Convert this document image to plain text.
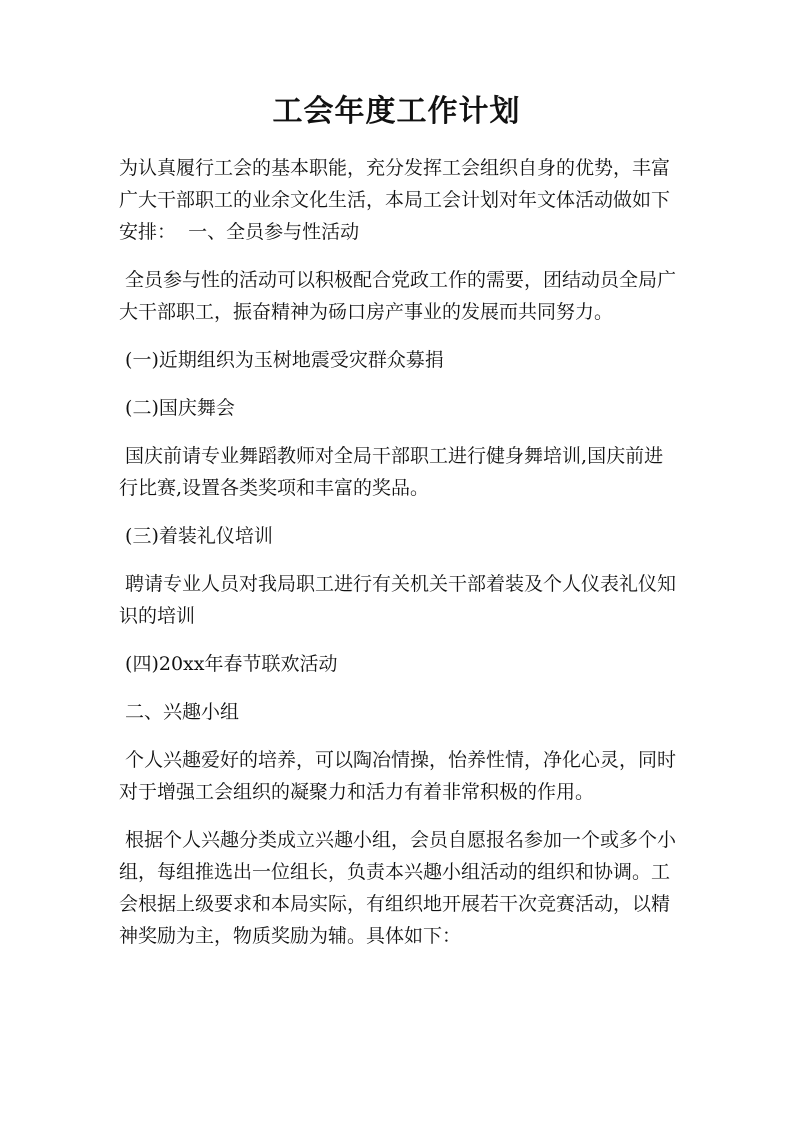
工会年度工作计划

为认真履行工会的基本职能，充分发挥工会组织自身的优势，丰富广大干部职工的业余文化生活，本局工会计划对年文体活动做如下安排：  一、全员参与性活动

全员参与性的活动可以积极配合党政工作的需要，团结动员全局广大干部职工，振奋精神为砀口房产事业的发展而共同努力。

(一)近期组织为玉树地震受灾群众募捐

(二)国庆舞会

国庆前请专业舞蹈教师对全局干部职工进行健身舞培训,国庆前进行比赛,设置各类奖项和丰富的奖品。

(三)着装礼仪培训

聘请专业人员对我局职工进行有关机关干部着装及个人仪表礼仪知识的培训

(四)20xx年春节联欢活动

二、兴趣小组

个人兴趣爱好的培养，可以陶冶情操，怡养性情，净化心灵，同时对于增强工会组织的凝聚力和活力有着非常积极的作用。

根据个人兴趣分类成立兴趣小组，会员自愿报名参加一个或多个小组，每组推选出一位组长，负责本兴趣小组活动的组织和协调。工会根据上级要求和本局实际，有组织地开展若干次竞赛活动，以精神奖励为主，物质奖励为辅。具体如下：
